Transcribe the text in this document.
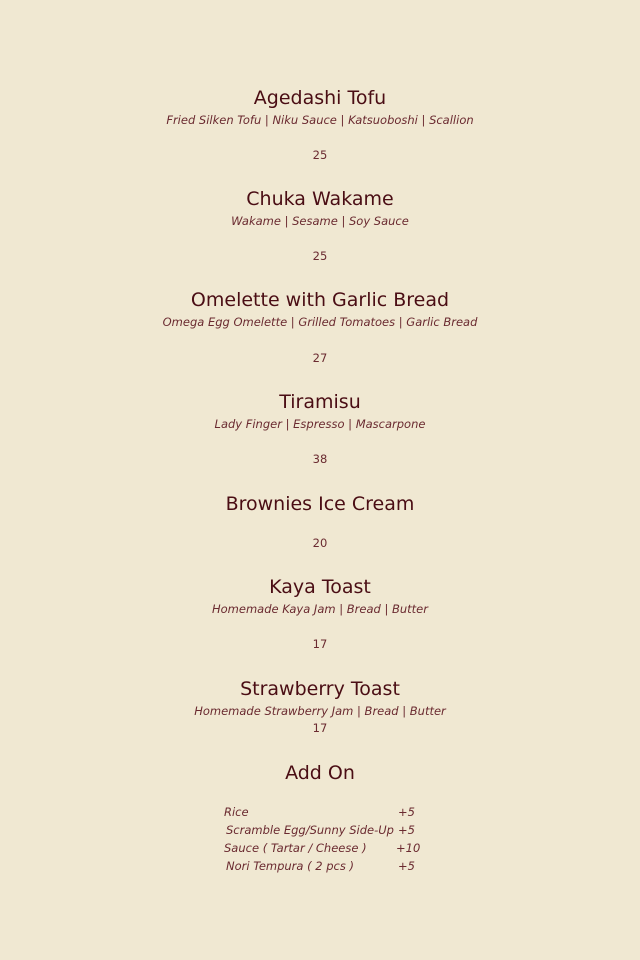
Agedashi Tofu
Fried Silken Tofu | Niku Sauce | Katsuoboshi | Scallion
25
Chuka Wakame
Wakame | Sesame | Soy Sauce
25
Omelette with Garlic Bread
Omega Egg Omelette | Grilled Tomatoes | Garlic Bread
27
Tiramisu
Lady Finger | Espresso | Mascarpone
38
Brownies Ice Cream
20
Kaya Toast
Homemade Kaya Jam | Bread | Butter
17
Strawberry Toast
Homemade Strawberry Jam | Bread | Butter
17
Add On
Rice	+5
Scramble Egg/Sunny Side-Up +5
Sauce ( Tartar / Cheese )	+10
Nori Tempura ( 2 pcs )	+5
